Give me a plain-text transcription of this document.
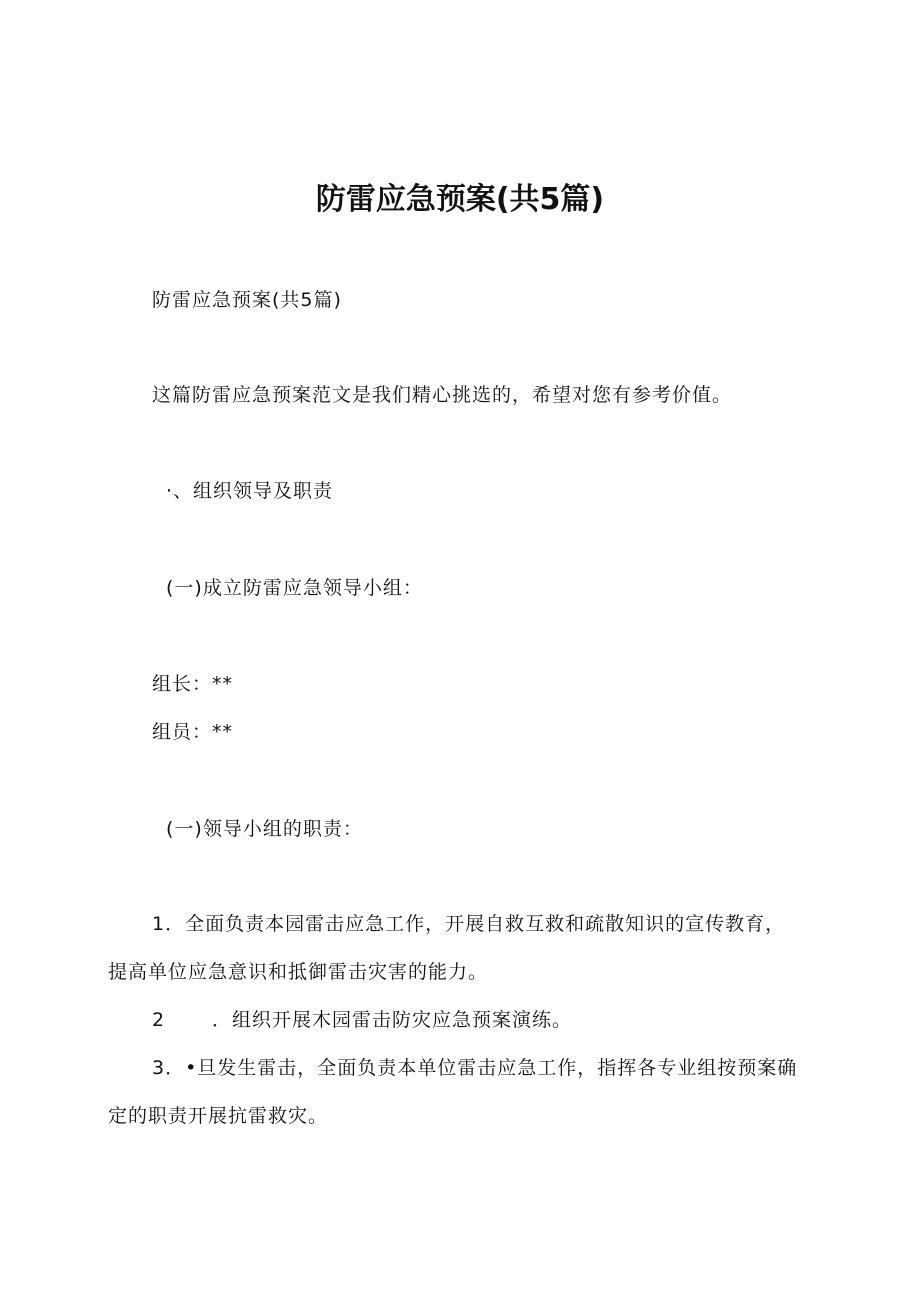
防雷应急预案(共5篇)
防雷应急预案(共5篇)
这篇防雷应急预案范文是我们精心挑选的，希望对您有参考价值。
·、组织领导及职责
(一)成立防雷应急领导小组：
组长：**
组员：**
(一)领导小组的职责：
1．全面负责本园雷击应急工作，开展自救互救和疏散知识的宣传教育，
提高单位应急意识和抵御雷击灾害的能力。
2 ．组织开展木园雷击防灾应急预案演练。
3．•旦发生雷击，全面负责本单位雷击应急工作，指挥各专业组按预案确
定的职责开展抗雷救灾。
